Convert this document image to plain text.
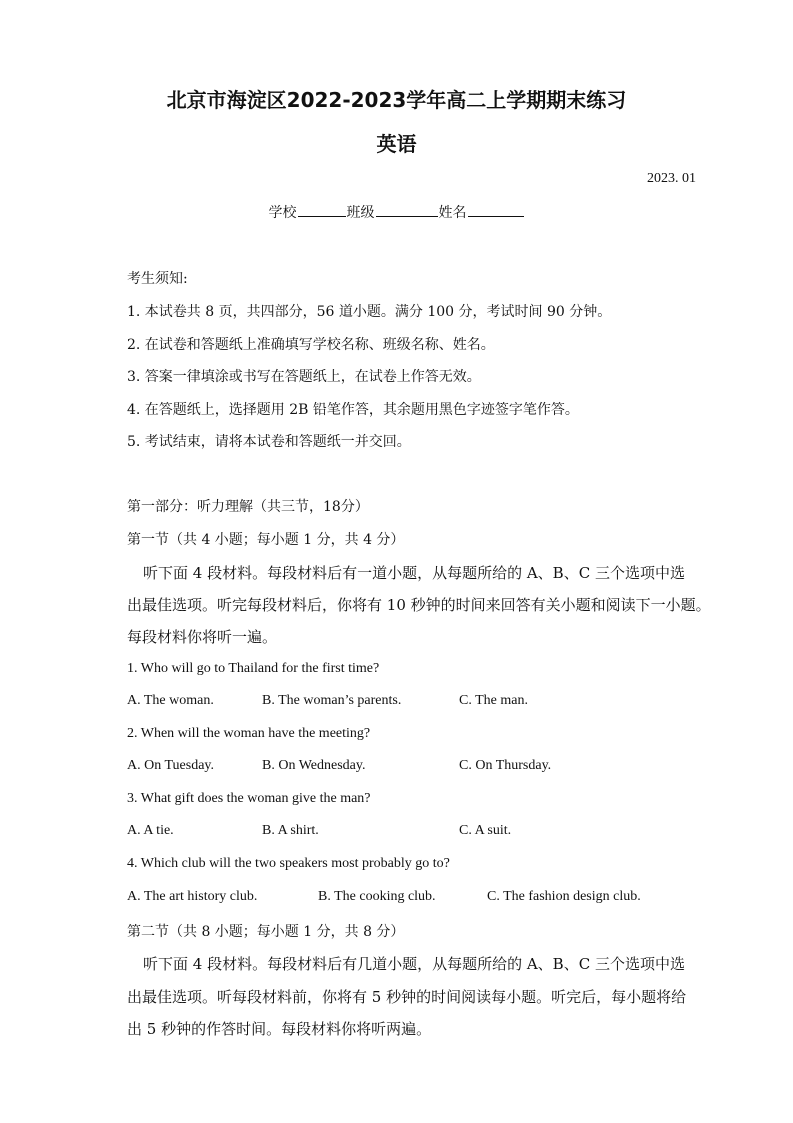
北京市海淀区2022-2023学年高二上学期期末练习
英语
2023. 01
学校	班级	姓名
考生须知:
1. 本试卷共 8 页，共四部分，56 道小题。满分 100 分，考试时间 90 分钟。
2. 在试卷和答题纸上准确填写学校名称、班级名称、姓名。
3. 答案一律填涂或书写在答题纸上，在试卷上作答无效。
4. 在答题纸上，选择题用 2B 铅笔作答，其余题用黑色字迹签字笔作答。
5. 考试结束，请将本试卷和答题纸一并交回。
第一部分：听力理解（共三节，18分）
第一节（共 4 小题；每小题 1 分，共 4 分）
听下面 4 段材料。每段材料后有一道小题，从每题所给的 A、B、C 三个选项中选
出最佳选项。听完每段材料后，你将有 10 秒钟的时间来回答有关小题和阅读下一小题。
每段材料你将听一遍。
1. Who will go to Thailand for the first time?
A. The woman.	B. The woman’s parents.	C. The man.
2. When will the woman have the meeting?
A. On Tuesday.	B. On Wednesday.	C. On Thursday.
3. What gift does the woman give the man?
A. A tie.	B. A shirt.	C. A suit.
4. Which club will the two speakers most probably go to?
A. The art history club.	B. The cooking club.	C. The fashion design club.
第二节（共 8 小题；每小题 1 分，共 8 分）
听下面 4 段材料。每段材料后有几道小题，从每题所给的 A、B、C 三个选项中选
出最佳选项。听每段材料前，你将有 5 秒钟的时间阅读每小题。听完后，每小题将给
出 5 秒钟的作答时间。每段材料你将听两遍。
